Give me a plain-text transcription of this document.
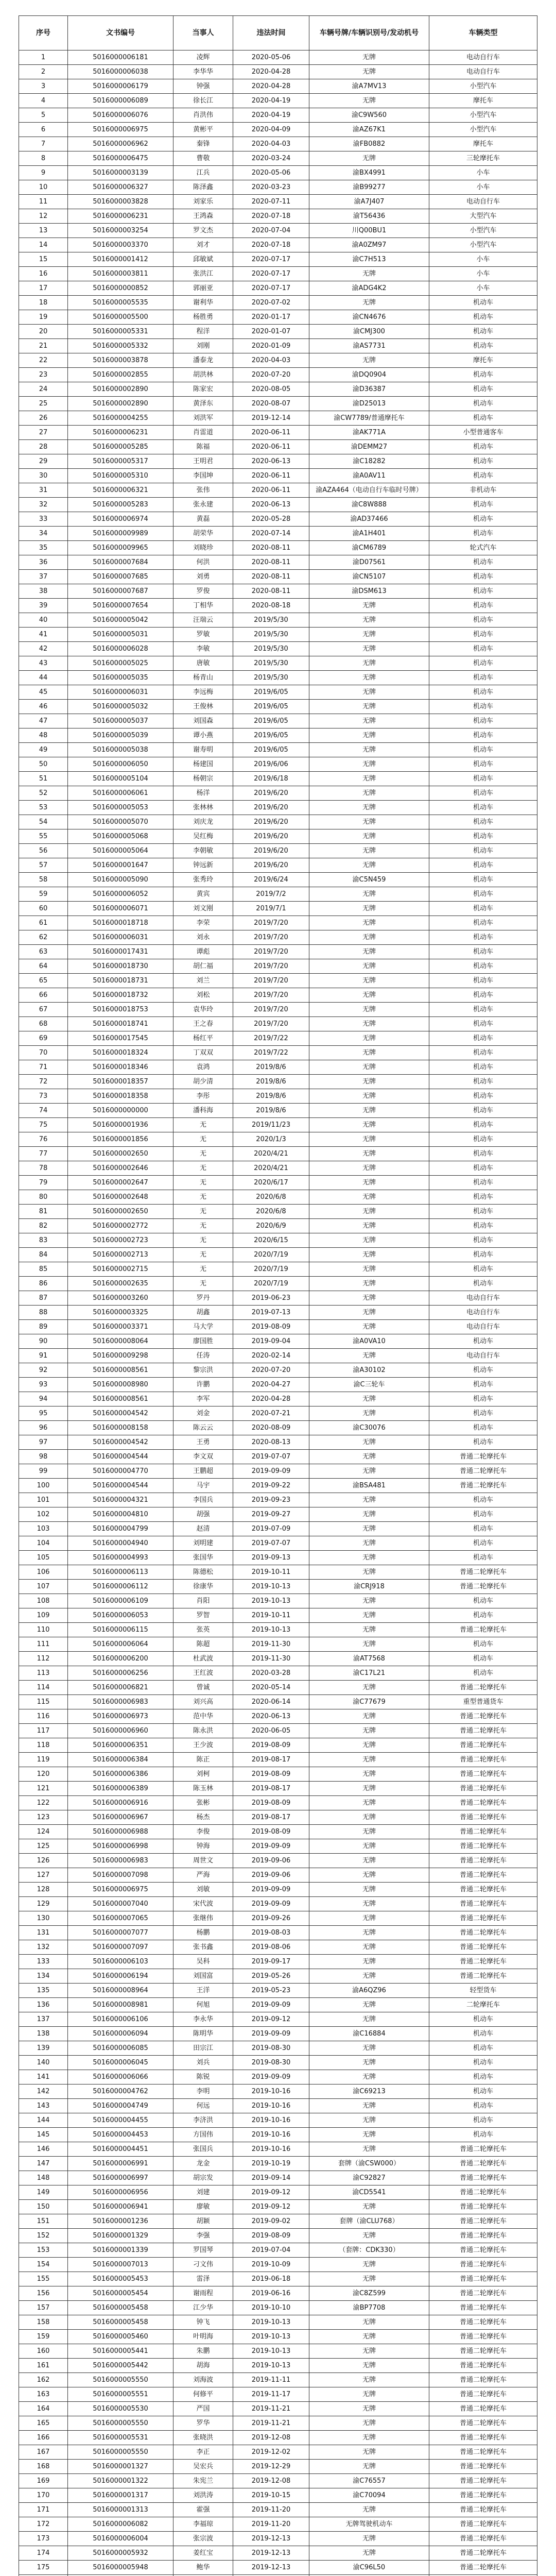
序号	文书编号	当事人	违法时间	车辆号牌/车辆识别号/发动机号	车辆类型
1	5016000006181	凌辉	2020-05-06	无牌	电动自行车
2	5016000006038	李华华	2020-04-28	无牌	电动自行车
3	5016000006179	钟强	2020-04-28	渝A7MV13	小型汽车
4	5016000006089	徐长江	2020-04-19	无牌	摩托车
5	5016000006076	肖洪伟	2020-04-19	渝C9W560	小型汽车
6	5016000006975	黄彬平	2020-04-09	渝AZ67K1	小型汽车
7	5016000006962	秦锋	2020-04-03	渝FB0882	摩托车
8	5016000006475	曹敬	2020-03-24	无牌	三轮摩托车
9	5016000003139	江兵	2020-05-06	渝BX4991	小车
10	5016000006327	陈泽鑫	2020-03-23	渝B99277	小车
11	5016000003828	刘家乐	2020-07-11	渝A7J407	电动自行车
12	5016000006231	王鸿森	2020-07-18	渝T56436	大型汽车
13	5016000003254	罗文杰	2020-07-04	川Q00BU1	小型汽车
14	5016000003370	刘才	2020-07-18	渝A0ZM97	小型汽车
15	5016000001412	邱敏斌	2020-07-17	渝C7H513	小车
16	5016000003811	张洪江	2020-07-17	无牌	小车
17	5016000000852	郭丽亚	2020-07-17	渝ADG4K2	小车
18	5016000005535	谢利华	2020-07-02	无牌	机动车
19	5016000005500	杨胜勇	2020-01-17	渝CN4676	机动车
20	5016000005331	程洋	2020-01-07	渝CMJ300	机动车
21	5016000005332	刘刚	2020-01-09	渝AS7731	机动车
22	5016000003878	潘泰龙	2020-04-03	无牌	摩托车
23	5016000002855	胡洪林	2020-07-20	渝DQ0904	机动车
24	5016000002890	陈家宏	2020-08-05	渝D36387	机动车
25	5016000002890	黄泽东	2020-08-07	渝D25013	机动车
26	5016000004255	刘洪军	2019-12-14	渝CW7789/普通摩托车	机动车
27	5016000006231	肖雷道	2020-06-11	渝AK771A	小型普通客车
28	5016000005285	陈福	2020-06-11	渝DEMM27	机动车
29	5016000005317	王明君	2020-06-13	渝C18282	机动车
30	5016000005310	李国坤	2020-06-11	渝A0AV11	机动车
31	5016000006321	张伟	2020-06-11	渝AZA464（电动自行车临时号牌）	非机动车
32	5016000005283	张永建	2020-06-13	渝C8W888	机动车
33	5016000006974	黄磊	2020-05-28	渝AD37466	机动车
34	5016000009989	胡荣华	2020-07-14	渝A1H401	机动车
35	5016000009965	刘晓珍	2020-08-11	渝CM6789	轮式汽车
36	5016000007684	何洪	2020-08-11	渝D07561	机动车
37	5016000007685	刘勇	2020-08-11	渝CN5107	机动车
38	5016000007687	罗俊	2020-08-11	渝DSM613	机动车
39	5016000007654	丁相华	2020-08-18	无牌	机动车
40	5016000005042	汪瑞云	2019/5/30	无牌	机动车
41	5016000005031	罗敏	2019/5/30	无牌	机动车
42	5016000006028	李敏	2019/5/30	无牌	机动车
43	5016000005025	唐敏	2019/5/30	无牌	机动车
44	5016000005035	杨青山	2019/5/30	无牌	机动车
45	5016000006031	李远梅	2019/6/05	无牌	机动车
46	5016000005032	王俊林	2019/6/05	无牌	机动车
47	5016000005037	刘国森	2019/6/05	无牌	机动车
48	5016000005039	谭小燕	2019/6/05	无牌	机动车
49	5016000005038	谢寿明	2019/6/05	无牌	机动车
50	5016000006050	杨建国	2019/6/06	无牌	机动车
51	5016000005104	杨朝宗	2019/6/18	无牌	机动车
52	5016000006061	杨洋	2019/6/20	无牌	机动车
53	5016000005053	张林林	2019/6/20	无牌	机动车
54	5016000005070	刘庆龙	2019/6/20	无牌	机动车
55	5016000005068	吴红梅	2019/6/20	无牌	机动车
56	5016000005064	李朝敏	2019/6/20	无牌	机动车
57	5016000001647	钟远新	2019/6/20	无牌	机动车
58	5016000005090	张秀玲	2019/6/24	渝C5N459	机动车
59	5016000006052	黄宾	2019/7/2	无牌	机动车
60	5016000006071	刘文刚	2019/7/1	无牌	机动车
61	5016000018718	李荣	2019/7/20	无牌	机动车
62	5016000006031	刘永	2019/7/20	无牌	机动车
63	5016000017431	谭彪	2019/7/20	无牌	机动车
64	5016000018730	胡仁福	2019/7/20	无牌	机动车
65	5016000018731	刘兰	2019/7/20	无牌	机动车
66	5016000018732	刘松	2019/7/20	无牌	机动车
67	5016000018753	袁华玲	2019/7/20	无牌	机动车
68	5016000018741	王之春	2019/7/20	无牌	机动车
69	5016000017545	杨红平	2019/7/22	无牌	机动车
70	5016000018324	丁双双	2019/7/22	无牌	机动车
71	5016000018346	袁鸿	2019/8/6	无牌	机动车
72	5016000018357	胡少清	2019/8/6	无牌	机动车
73	5016000018358	李彤	2019/8/6	无牌	机动车
74	5016000000000	潘科海	2019/8/6	无牌	机动车
75	5016000001936	无	2019/11/23	无牌	机动车
76	5016000001856	无	2020/1/3	无牌	机动车
77	5016000002650	无	2020/4/21	无牌	机动车
78	5016000002646	无	2020/4/21	无牌	机动车
79	5016000002647	无	2020/6/17	无牌	机动车
80	5016000002648	无	2020/6/8	无牌	机动车
81	5016000002650	无	2020/6/8	无牌	机动车
82	5016000002772	无	2020/6/9	无牌	机动车
83	5016000002723	无	2020/6/15	无牌	机动车
84	5016000002713	无	2020/7/19	无牌	机动车
85	5016000002715	无	2020/7/19	无牌	机动车
86	5016000002635	无	2020/7/19	无牌	机动车
87	5016000003260	罗丹	2019-06-23	无牌	电动自行车
88	5016000003325	胡鑫	2019-07-13	无牌	电动自行车
89	5016000003371	马大学	2019-08-09	无牌	电动自行车
90	5016000008064	廖国胜	2019-09-04	渝A0VA10	机动车
91	5016000009298	任涛	2020-02-14	无牌	电动自行车
92	5016000008561	黎宗洪	2020-07-20	渝A30102	机动车
93	5016000008980	许鹏	2020-04-27	渝C三轮车	机动车
94	5016000008561	李军	2020-04-28	无牌	机动车
95	5016000004542	刘金	2020-07-21	无牌	机动车
96	5016000008158	陈云云	2020-08-09	渝C30076	机动车
97	5016000004542	王勇	2020-08-13	无牌	机动车
98	5016000004544	李文双	2019-07-07	无牌	普通二轮摩托车
99	5016000004770	王鹏超	2019-09-09	无牌	普通二轮摩托车
100	5016000004544	马宇	2019-09-22	渝BSA481	普通二轮摩托车
101	5016000004321	李国兵	2019-09-23	无牌	机动车
102	5016000004810	胡强	2019-09-27	无牌	机动车
103	5016000004799	赵清	2019-07-09	无牌	机动车
104	5016000004940	刘明建	2019-07-07	无牌	机动车
105	5016000004993	张国华	2019-09-13	无牌	机动车
106	5016000006113	陈德松	2019-10-11	无牌	普通二轮摩托车
107	5016000006112	徐康华	2019-10-13	渝CRJ918	普通二轮摩托车
108	5016000006109	肖阳	2019-10-13	无牌	机动车
109	5016000006053	罗智	2019-10-11	无牌	机动车
110	5016000006115	张英	2019-10-13	无牌	普通二轮摩托车
111	5016000006064	陈超	2019-11-30	无牌	机动车
112	5016000006200	杜武波	2019-11-30	渝AT7568	机动车
113	5016000006256	王红波	2020-03-28	渝C17L21	机动车
114	5016000006821	曾诚	2020-05-14	无牌	普通二轮摩托车
115	5016000006983	刘兴高	2020-06-14	渝C77679	重型普通货车
116	5016000006973	范中华	2020-06-13	无牌	普通二轮摩托车
117	5016000006960	陈永洪	2020-06-05	无牌	普通二轮摩托车
118	5016000006351	王少波	2019-08-09	无牌	普通二轮摩托车
119	5016000006384	陈正	2019-08-17	无牌	普通二轮摩托车
120	5016000006386	刘柯	2019-08-09	无牌	普通二轮摩托车
121	5016000006389	陈玉林	2019-08-17	无牌	普通二轮摩托车
122	5016000006916	张彬	2019-08-09	无牌	普通二轮摩托车
123	5016000006967	杨杰	2019-08-17	无牌	普通二轮摩托车
124	5016000006988	李俊	2019-08-09	无牌	普通二轮摩托车
125	5016000006998	钟海	2019-09-09	无牌	普通二轮摩托车
126	5016000006983	周世文	2019-09-06	无牌	普通二轮摩托车
127	5016000007098	严海	2019-09-06	无牌	普通二轮摩托车
128	5016000006975	刘敏	2019-09-09	无牌	普通二轮摩托车
129	5016000007040	宋代波	2019-09-09	无牌	普通二轮摩托车
130	5016000007065	张继伟	2019-09-26	无牌	普通二轮摩托车
131	5016000007077	杨鹏	2019-08-03	无牌	普通二轮摩托车
132	5016000007097	张书鑫	2019-08-06	无牌	普通二轮摩托车
133	5016000006103	吴科	2019-09-17	无牌	普通二轮摩托车
134	5016000006194	刘国富	2019-05-26	无牌	普通二轮摩托车
135	5016000008964	王洋	2019-05-23	渝A6QZ96	轻型货车
136	5016000008981	何旭	2019-09-09	无牌	二轮摩托车
137	5016000006106	李永华	2019-09-12	无牌	机动车
138	5016000006094	陈明华	2019-09-09	渝C16884	机动车
139	5016000006085	田宗江	2019-08-30	无牌	机动车
140	5016000006045	刘兵	2019-08-30	无牌	机动车
141	5016000006066	陈锐	2019-09-09	无牌	机动车
142	5016000004762	李明	2019-10-16	渝C69213	机动车
143	5016000004749	何远	2019-10-16	无牌	机动车
144	5016000004455	李济洪	2019-10-16	无牌	机动车
145	5016000004453	方国伟	2019-10-16	无牌	机动车
146	5016000004451	张国兵	2019-10-16	无牌	普通二轮摩托车
147	5016000006991	龙金	2019-10-19	套牌（渝CSW000）	普通二轮摩托车
148	5016000006997	胡宗发	2019-09-14	渝C92827	普通二轮摩托车
149	5016000006956	刘建	2019-09-12	渝CD5541	普通二轮摩托车
150	5016000006941	廖敏	2019-09-12	无牌	普通二轮摩托车
151	5016000001236	胡颖	2019-09-02	套牌（渝CLU768）	普通二轮摩托车
152	5016000001329	李强	2019-08-09	无牌	普通二轮摩托车
153	5016000001339	罗国琴	2019-07-04	（套牌：CDK330）	普通二轮摩托车
154	5016000007013	刁文伟	2019-10-09	无牌	普通二轮摩托车
155	5016000005453	雷泽	2019-06-18	无牌	普通二轮摩托车
156	5016000005454	谢雨程	2019-06-16	渝C8Z599	普通二轮摩托车
157	5016000005458	江少华	2019-10-10	渝BP7708	普通二轮摩托车
158	5016000005458	钟飞	2019-10-13	无牌	普通二轮摩托车
159	5016000005460	叶明海	2019-10-13	无牌	普通二轮摩托车
160	5016000005441	朱鹏	2019-10-13	无牌	普通二轮摩托车
161	5016000005442	胡海	2019-10-13	无牌	普通二轮摩托车
162	5016000005550	刘海波	2019-11-11	无牌	普通二轮摩托车
163	5016000005551	何修平	2019-11-17	无牌	普通二轮摩托车
164	5016000005530	严国	2019-11-21	无牌	普通二轮摩托车
165	5016000005550	罗华	2019-11-21	无牌	普通二轮摩托车
166	5016000005531	张晓洪	2019-12-08	无牌	普通二轮摩托车
167	5016000005550	李正	2019-12-02	无牌	普通二轮摩托车
168	5016000001327	吴宏兵	2019-12-29	无牌	普通二轮摩托车
169	5016000001322	朱宪兰	2019-12-08	渝C76557	普通二轮摩托车
170	5016000001317	刘洪涛	2019-10-15	渝C70094	普通二轮摩托车
171	5016000001313	霍强	2019-11-20	无牌	普通二轮摩托车
172	5016000006082	李福琼	2019-11-20	无牌驾驶机动车	普通二轮摩托车
173	5016000006004	张宗波	2019-12-13	无牌	普通二轮摩托车
174	5016000005932	姜红宝	2019-12-13	无牌	普通二轮摩托车
175	5016000005948	鲍华	2019-12-13	渝C96L50	普通二轮摩托车
